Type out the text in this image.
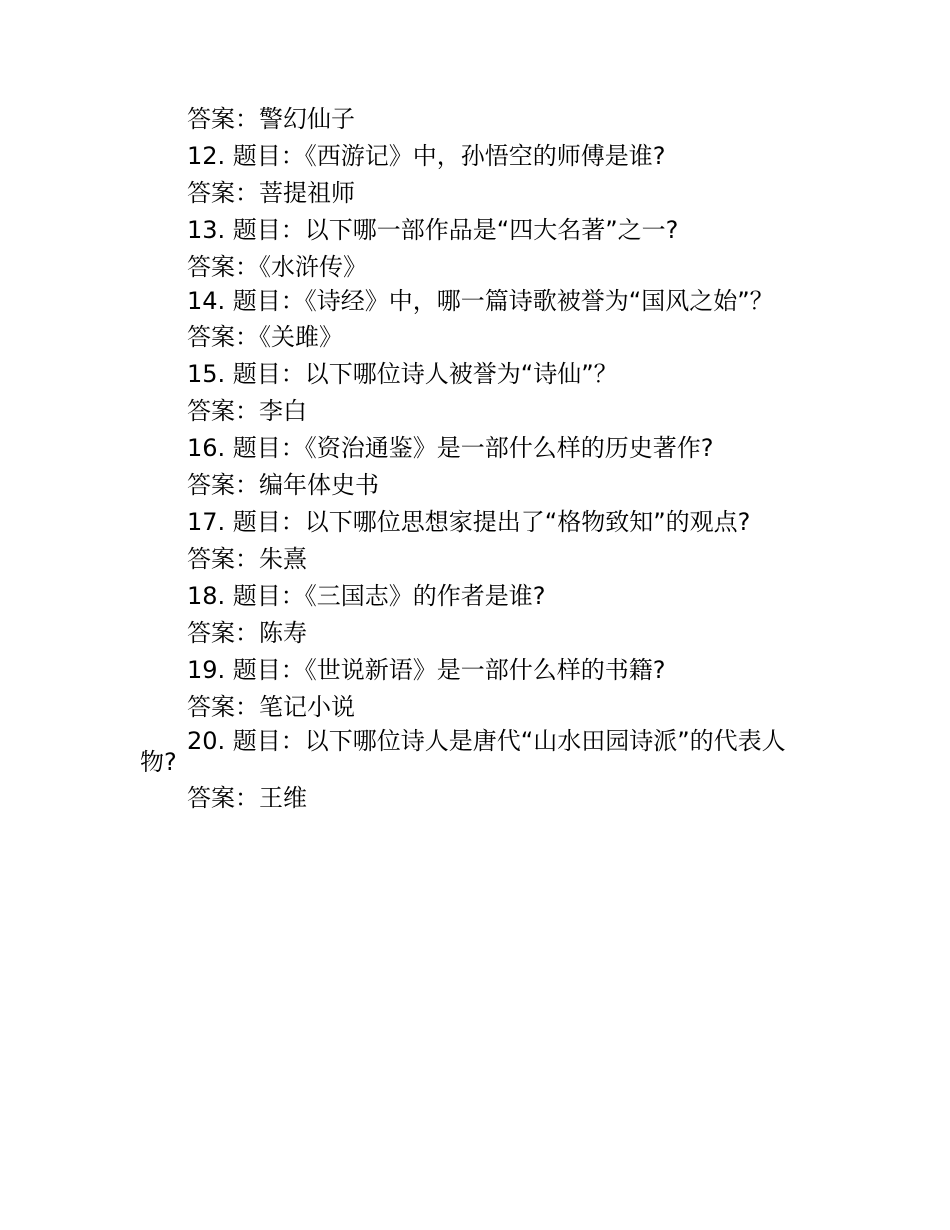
答案：警幻仙子
12. 题目：《西游记》中，孙悟空的师傅是谁?
答案：菩提祖师
13. 题目：以下哪一部作品是“四大名著”之一?
答案：《水浒传》
14. 题目：《诗经》中，哪一篇诗歌被誉为“国风之始”？
答案：《关雎》
15. 题目：以下哪位诗人被誉为“诗仙”？
答案：李白
16. 题目：《资治通鉴》是一部什么样的历史著作?
答案：编年体史书
17. 题目：以下哪位思想家提出了“格物致知”的观点?
答案：朱熹
18. 题目：《三国志》的作者是谁?
答案：陈寿
19. 题目：《世说新语》是一部什么样的书籍?
答案：笔记小说
20. 题目：以下哪位诗人是唐代“山水田园诗派”的代表人物?
答案：王维
